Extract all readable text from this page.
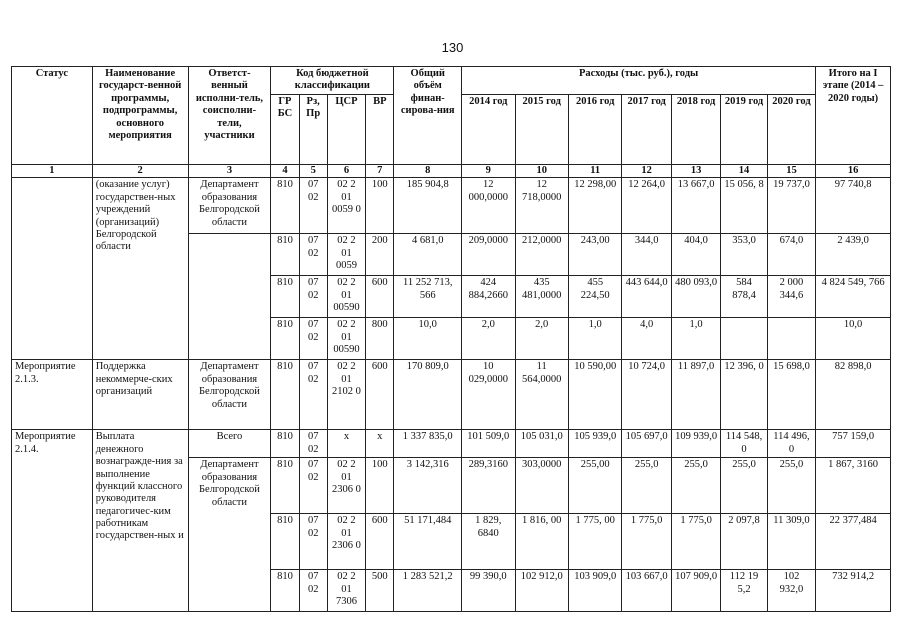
130
Статус	Наименование государст-венной программы, подпрограммы, основного мероприятия	Ответст-венный исполни-тель, соисполни-тели, участники	Код бюджетной классификации				Общий объём финан-сирова-ния	Расходы (тыс. руб.), годы							Итого на I этапе (2014 – 2020 годы)
			ГР БС	Рз, Пр	ЦСР	ВР		2014 год	2015 год	2016 год	2017 год	2018 год	2019 год	2020 год	
1	2	3	4	5	6	7	8	9	10	11	12	13	14	15	16
	(оказание услуг) государствен-ных учреждений (организаций) Белгородской области	Департамент образования Белгородской области	810	07 02	02 2 01 0059 0	100	185 904,8	12 000,0000	12 718,0000	12 298,00	12 264,0	13 667,0	15 056, 8	19 737,0	97 740,8
			810	07 02	02 2 01 0059	200	4 681,0	209,0000	212,0000	243,00	344,0	404,0	353,0	674,0	2 439,0
			810	07 02	02 2 01 00590	600	11 252 713, 566	424 884,2660	435 481,0000	455 224,50	443 644,0	480 093,0	584 878,4	2 000 344,6	4 824 549, 766
			810	07 02	02 2 01 00590	800	10,0	2,0	2,0	1,0	4,0	1,0			10,0
Мероприятие 2.1.3.	Поддержка некоммерче-ских организаций	Департамент образования Белгородской области	810	07 02	02 2 01 2102 0	600	170 809,0	10 029,0000	11 564,0000	10 590,00	10 724,0	11 897,0	12 396, 0	15 698,0	82 898,0
Мероприятие 2.1.4.	Выплата денежного вознагражде-ния за выполнение функций классного руководителя педагогичес-ким работникам государствен-ных и	Всего	810	07 02	x	x	1 337 835,0	101 509,0	105 031,0	105 939,0	105 697,0	109 939,0	114 548, 0	114 496, 0	757 159,0
		Департамент образования Белгородской области	810	07 02	02 2 01 2306 0	100	3 142,316	289,3160	303,0000	255,00	255,0	255,0	255,0	255,0	1 867, 3160
			810	07 02	02 2 01 2306 0	600	51 171,484	1 829, 6840	1 816, 00	1 775, 00	1 775,0	1 775,0	2 097,8	11 309,0	22 377,484
			810	07 02	02 2 01 7306	500	1 283 521,2	99 390,0	102 912,0	103 909,0	103 667,0	107 909,0	112 19 5,2	102 932,0	732 914,2
